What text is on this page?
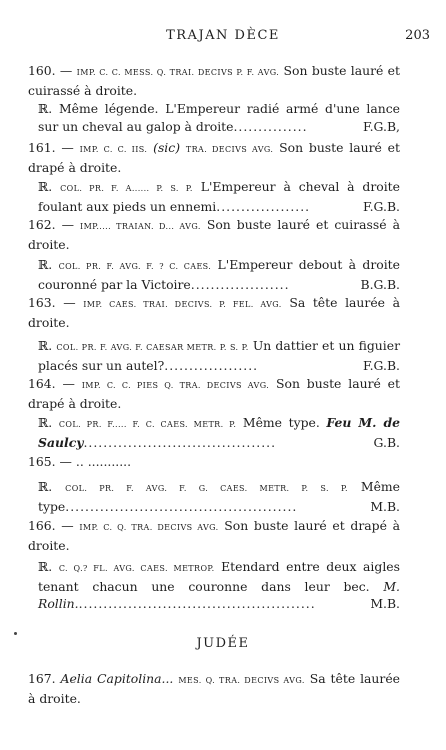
TRAJAN DÈCE	203
160. — IMP. C. C. MESS. Q. TRAI. DECIVS P. F. AVG. Son buste lauré et cuirassé à droite.
ℝ. Même légende. L'Empereur radié armé d'une lance sur un cheval au galop à droite...............	F.G.B,
161. — IMP. C. C. IIS. (sic) TRA. DECIVS AVG. Son buste lauré et drapé à droite.
ℝ. COL. PR. F. A...... P. S. P. L'Empereur à cheval à droite foulant aux pieds un ennemi...................	F.G.B.
162. — IMP..... TRAIAN. D... AVG. Son buste lauré et cuirassé à droite.
ℝ. COL. PR. F. AVG. F. ? C. CAES. L'Empereur debout à droite couronné par la Victoire....................	B.G.B.
163. — IMP. CAES. TRAI. DECIVS. P. FEL. AVG. Sa tête laurée à droite.
ℝ. COL. PR. F. AVG. F. CAESAR METR. P. S. P. Un dattier et un figuier placés sur un autel?...................	F.G.B.
164. — IMP. C. C. PIES Q. TRA. DECIVS AVG. Son buste lauré et drapé à droite.
ℝ. COL. PR. F..... F. C. CAES. METR. P. Même type. Feu M. de Saulcy.......................................	G.B.
165. — .. ...........
ℝ. COL. PR. F. AVG. F. G. CAES. METR. P. S. P. Même type...............................................	M.B.
166. — IMP. C. Q. TRA. DECIVS AVG. Son buste lauré et drapé à droite.
ℝ. C. Q.? FL. AVG. CAES. METROP. Etendard entre deux aigles tenant chacun une couronne dans leur bec. M. Rollin.................................................	M.B.
JUDÉE
167. Aelia Capitolina... MES. Q. TRA. DECIVS AVG. Sa tête laurée à droite.
